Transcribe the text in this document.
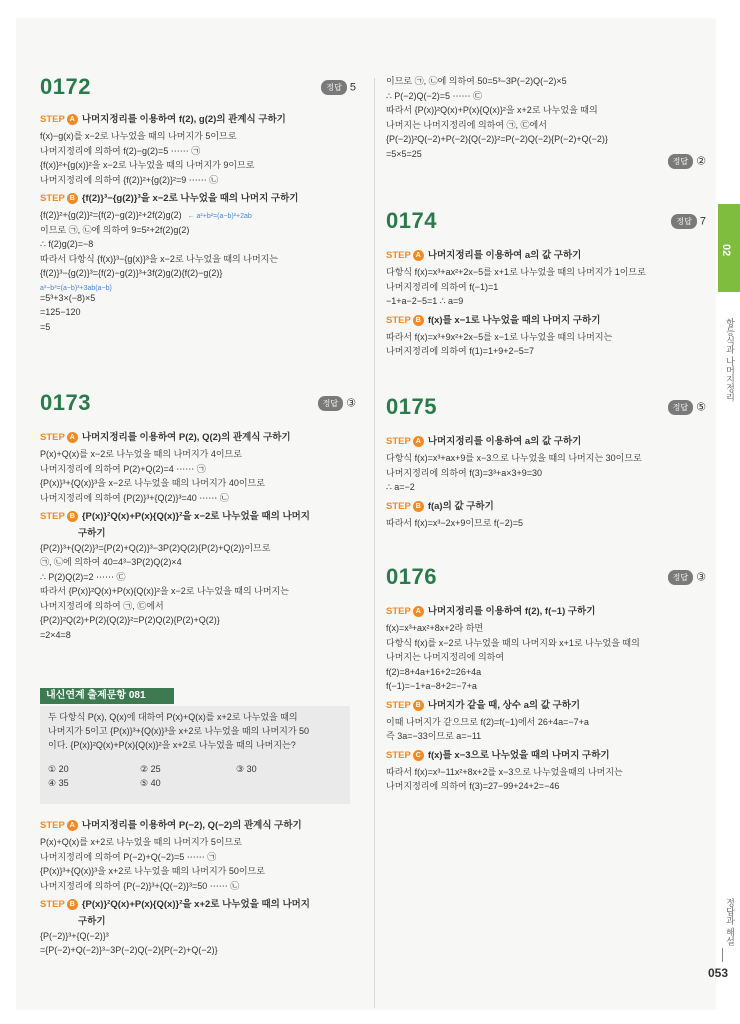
0172	정답 5
0173	정답 ③
내신연계 출제문항 081
두 다항식 P(x), Q(x)에 대하여 P(x)+Q(x)를 x+2로 나누었을 때의
나머지가 5이고 {P(x)}³+{Q(x)}³을 x+2로 나누었을 때의 나머지가 50
이다. {P(x)}²Q(x)+P(x){Q(x)}²을 x+2로 나누었을 때의 나머지는?
① 20	② 25	③ 30
④ 35	⑤ 40
STEP A 나머지정리를 이용하여 f(2), g(2)의 관계식 구하기
f(x)−g(x)를 x−2로 나누었을 때의 나머지가 5이므로
나머지정리에 의하여 f(2)−g(2)=5 ⋯⋯ ㉠
{f(x)}²+{g(x)}²을 x−2로 나누었을 때의 나머지가 9이므로
나머지정리에 의하여 {f(2)}²+{g(2)}²=9 ⋯⋯ ㉡
STEP B {f(2)}³−{g(2)}³을 x−2로 나누었을 때의 나머지 구하기
{f(2)}²+{g(2)}²={f(2)−g(2)}²+2f(2)g(2) ← a²+b²=(a−b)²+2ab
이므로 ㉠, ㉡에 의하여 9=5²+2f(2)g(2)
∴ f(2)g(2)=−8
따라서 다항식 {f(x)}³−{g(x)}³을 x−2로 나누었을 때의 나머지는
{f(2)}³−{g(2)}³={f(2)−g(2)}³+3f(2)g(2){f(2)−g(2)}
a³−b³=(a−b)³+3ab(a−b)
=5³+3×(−8)×5
=125−120
=5
STEP A 나머지정리를 이용하여 P(2), Q(2)의 관계식 구하기
P(x)+Q(x)를 x−2로 나누었을 때의 나머지가 4이므로
나머지정리에 의하여 P(2)+Q(2)=4 ⋯⋯ ㉠
{P(x)}³+{Q(x)}³을 x−2로 나누었을 때의 나머지가 40이므로
나머지정리에 의하여 {P(2)}³+{Q(2)}³=40 ⋯⋯ ㉡
STEP B {P(x)}²Q(x)+P(x){Q(x)}²을 x−2로 나누었을 때의 나머지
구하기
{P(2)}³+{Q(2)}³={P(2)+Q(2)}³−3P(2)Q(2){P(2)+Q(2)}이므로
㉠, ㉡에 의하여 40=4³−3P(2)Q(2)×4
∴ P(2)Q(2)=2 ⋯⋯ ㉢
따라서 {P(x)}²Q(x)+P(x){Q(x)}²을 x−2로 나누었을 때의 나머지는
나머지정리에 의하여 ㉠, ㉢에서
{P(2)}²Q(2)+P(2){Q(2)}²=P(2)Q(2){P(2)+Q(2)}
=2×4=8
STEP A 나머지정리를 이용하여 P(−2), Q(−2)의 관계식 구하기
P(x)+Q(x)를 x+2로 나누었을 때의 나머지가 5이므로
나머지정리에 의하여 P(−2)+Q(−2)=5 ⋯⋯ ㉠
{P(x)}³+{Q(x)}³을 x+2로 나누었을 때의 나머지가 50이므로
나머지정리에 의하여 {P(−2)}³+{Q(−2)}³=50 ⋯⋯ ㉡
STEP B {P(x)}²Q(x)+P(x){Q(x)}²을 x+2로 나누었을 때의 나머지
구하기
{P(−2)}³+{Q(−2)}³
={P(−2)+Q(−2)}³−3P(−2)Q(−2){P(−2)+Q(−2)}
정답 ②
0174	정답 7
0175	정답 ⑤
0176	정답 ③
이므로 ㉠, ㉡에 의하여 50=5³−3P(−2)Q(−2)×5
∴ P(−2)Q(−2)=5 ⋯⋯ ㉢
따라서 {P(x)}²Q(x)+P(x){Q(x)}²을 x+2로 나누었을 때의
나머지는 나머지정리에 의하여 ㉠, ㉢에서
{P(−2)}²Q(−2)+P(−2){Q(−2)}²=P(−2)Q(−2){P(−2)+Q(−2)}
=5×5=25
STEP A 나머지정리를 이용하여 a의 값 구하기
다항식 f(x)=x³+ax²+2x−5를 x+1로 나누었을 때의 나머지가 1이므로
나머지정리에 의하여 f(−1)=1
−1+a−2−5=1 ∴ a=9
STEP B f(x)를 x−1로 나누었을 때의 나머지 구하기
따라서 f(x)=x³+9x²+2x−5를 x−1로 나누었을 때의 나머지는
나머지정리에 의하여 f(1)=1+9+2−5=7
STEP A 나머지정리를 이용하여 a의 값 구하기
다항식 f(x)=x³+ax+9를 x−3으로 나누었을 때의 나머지는 30이므로
나머지정리에 의하여 f(3)=3³+a×3+9=30
∴ a=−2
STEP B f(a)의 값 구하기
따라서 f(x)=x³−2x+9이므로 f(−2)=5
STEP A 나머지정리를 이용하여 f(2), f(−1) 구하기
f(x)=x³+ax²+8x+2라 하면
다항식 f(x)를 x−2로 나누었을 때의 나머지와 x+1로 나누었을 때의
나머지는 나머지정리에 의하여
f(2)=8+4a+16+2=26+4a
f(−1)=−1+a−8+2=−7+a
STEP B 나머지가 같을 때, 상수 a의 값 구하기
이때 나머지가 같으므로 f(2)=f(−1)에서 26+4a=−7+a
즉 3a=−33이므로 a=−11
STEP C f(x)를 x−3으로 나누었을 때의 나머지 구하기
따라서 f(x)=x³−11x²+8x+2를 x−3으로 나누었을때의 나머지는
나머지정리에 의하여 f(3)=27−99+24+2=−46
02
항등식과 나머지정리
정답과 해설
053
